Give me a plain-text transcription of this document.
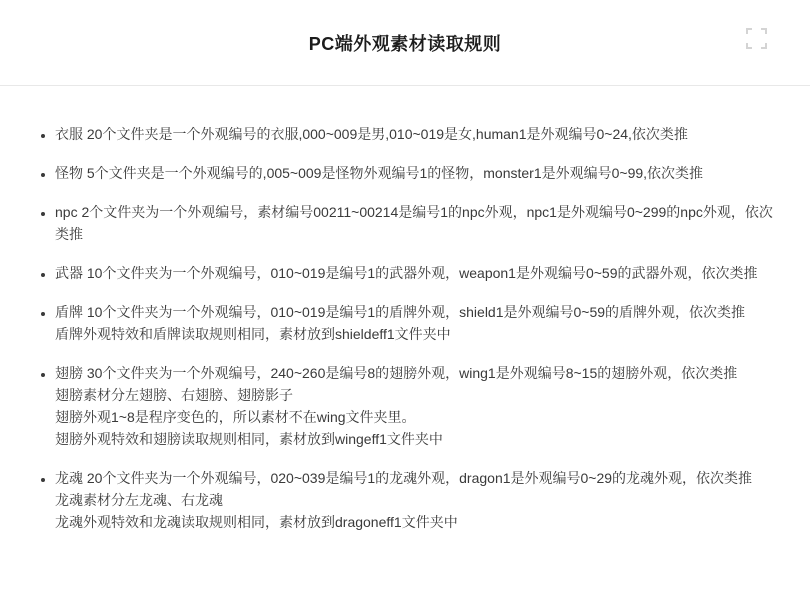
PC端外观素材读取规则
• 衣服 20个文件夹是一个外观编号的衣服,000~009是男,010~019是女,human1是外观编号0~24,依次类推
• 怪物 5个文件夹是一个外观编号的,005~009是怪物外观编号1的怪物，monster1是外观编号0~99,依次类推
• npc 2个文件夹为一个外观编号，素材编号00211~00214是编号1的npc外观，npc1是外观编号0~299的npc外观，依次类推
• 武器 10个文件夹为一个外观编号，010~019是编号1的武器外观，weapon1是外观编号0~59的武器外观，依次类推
• 盾牌 10个文件夹为一个外观编号，010~019是编号1的盾牌外观，shield1是外观编号0~59的盾牌外观，依次类推
盾牌外观特效和盾牌读取规则相同，素材放到shieldeff1文件夹中
• 翅膀 30个文件夹为一个外观编号，240~260是编号8的翅膀外观，wing1是外观编号8~15的翅膀外观，依次类推
翅膀素材分左翅膀、右翅膀、翅膀影子
翅膀外观1~8是程序变色的，所以素材不在wing文件夹里。
翅膀外观特效和翅膀读取规则相同，素材放到wingeff1文件夹中
• 龙魂 20个文件夹为一个外观编号，020~039是编号1的龙魂外观，dragon1是外观编号0~29的龙魂外观，依次类推
龙魂素材分左龙魂、右龙魂
龙魂外观特效和龙魂读取规则相同，素材放到dragoneff1文件夹中
